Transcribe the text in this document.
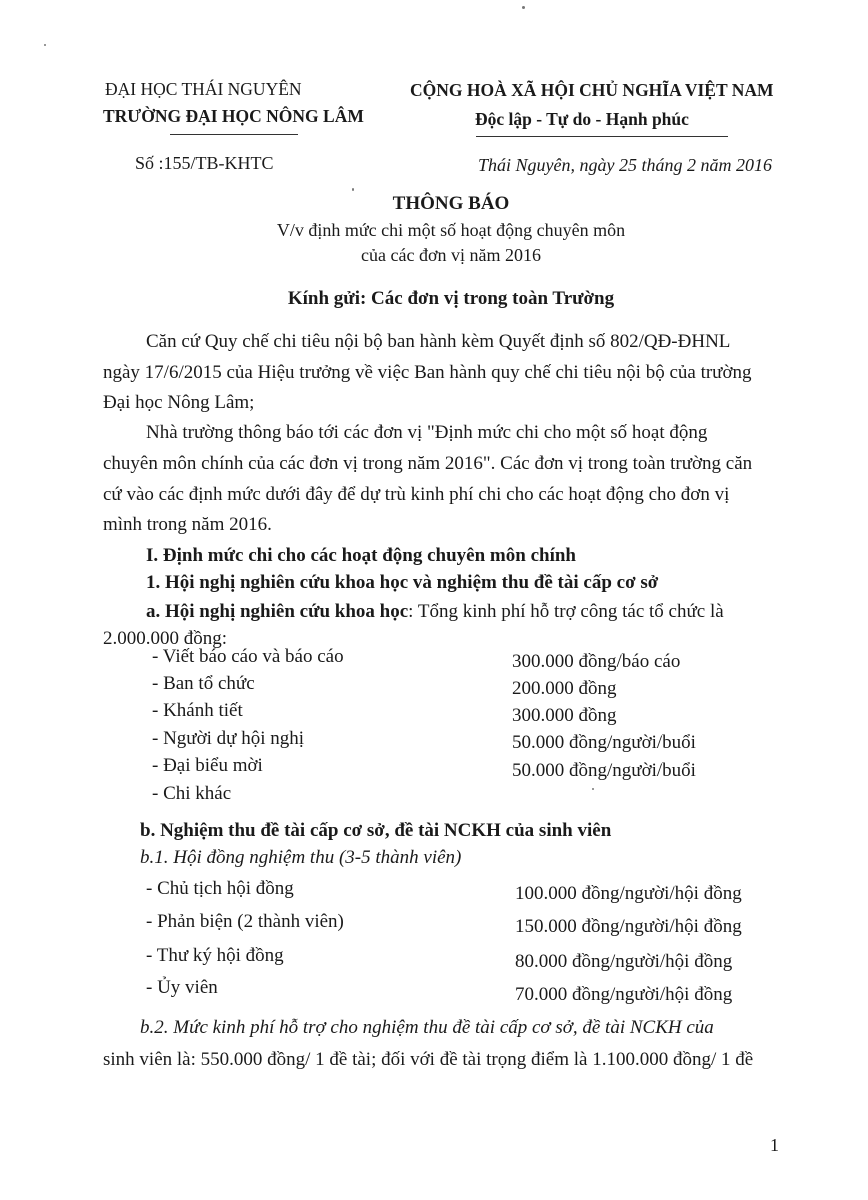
ĐẠI HỌC THÁI NGUYÊN
TRƯỜNG ĐẠI HỌC NÔNG LÂM
CỘNG HOÀ XÃ HỘI CHỦ NGHĨA VIỆT NAM
Độc lập - Tự do - Hạnh phúc
Số :155/TB-KHTC	Thái Nguyên, ngày 25 tháng 2 năm 2016
THÔNG BÁO
V/v định mức chi một số hoạt động chuyên môn
của các đơn vị năm 2016
Kính gửi: Các đơn vị trong toàn Trường
Căn cứ Quy chế chi tiêu nội bộ ban hành kèm Quyết định số 802/QĐ-ĐHNL
ngày 17/6/2015 của Hiệu trưởng về việc Ban hành quy chế chi tiêu nội bộ của trường
Đại học Nông Lâm;
Nhà trường thông báo tới các đơn vị "Định mức chi cho một số hoạt động
chuyên môn chính của các đơn vị trong năm 2016". Các đơn vị trong toàn trường căn
cứ vào các định mức dưới đây để dự trù kinh phí chi cho các hoạt động cho đơn vị
mình trong năm 2016.
I. Định mức chi cho các hoạt động chuyên môn chính
1. Hội nghị nghiên cứu khoa học và nghiệm thu đề tài cấp cơ sở
a. Hội nghị nghiên cứu khoa học: Tổng kinh phí hỗ trợ công tác tổ chức là
2.000.000 đồng:
- Viết báo cáo và báo cáo	300.000 đồng/báo cáo
- Ban tổ chức	200.000 đồng
- Khánh tiết	300.000 đồng
- Người dự hội nghị	50.000 đồng/người/buổi
- Đại biểu mời	50.000 đồng/người/buổi
- Chi khác
b. Nghiệm thu đề tài cấp cơ sở, đề tài NCKH của sinh viên
b.1. Hội đồng nghiệm thu (3-5 thành viên)
- Chủ tịch hội đồng	100.000 đồng/người/hội đồng
- Phản biện (2 thành viên)	150.000 đồng/người/hội đồng
- Thư ký hội đồng	80.000 đồng/người/hội đồng
- Ủy viên	70.000 đồng/người/hội đồng
b.2. Mức kinh phí hỗ trợ cho nghiệm thu đề tài cấp cơ sở, đề tài NCKH của
sinh viên là: 550.000 đồng/ 1 đề tài; đối với đề tài trọng điểm là 1.100.000 đồng/ 1 đề
1
